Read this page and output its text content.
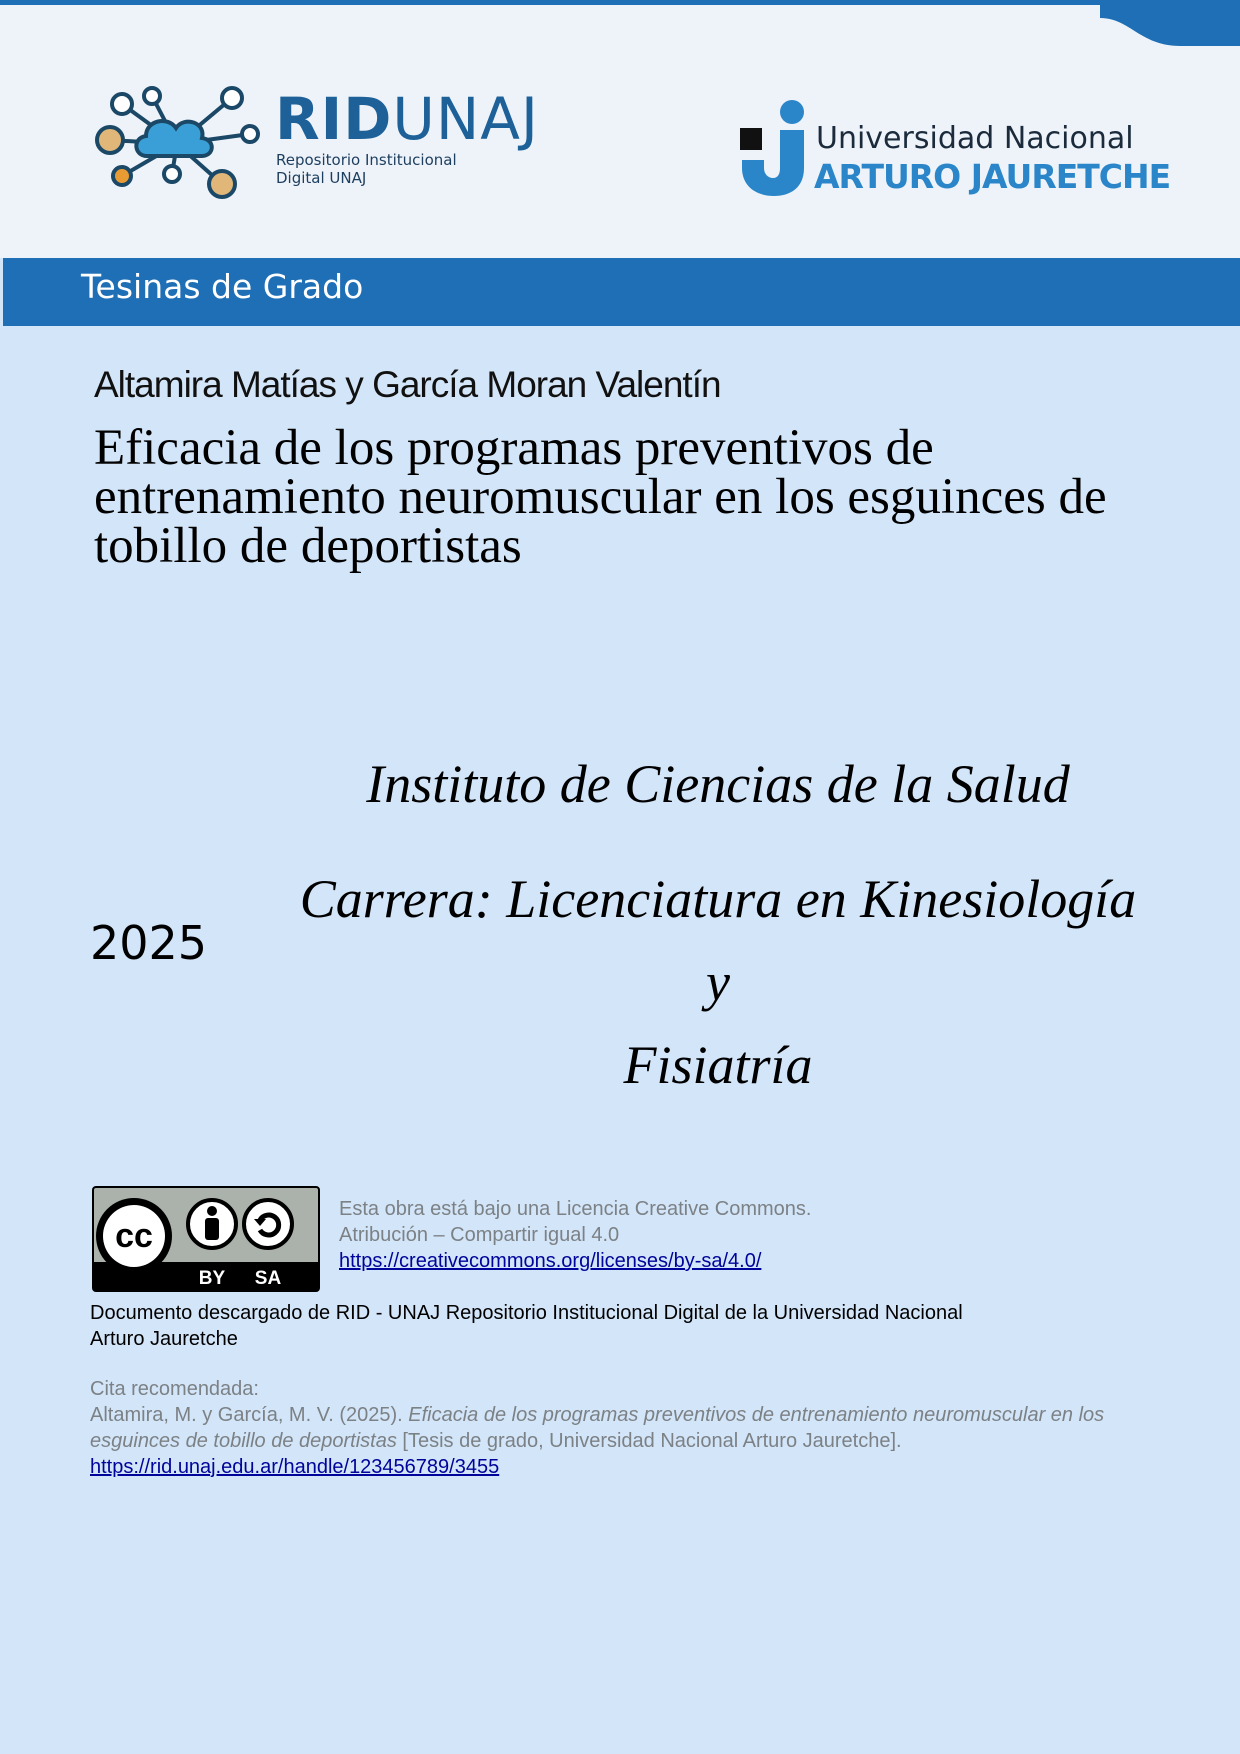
RIDUNAJ
Repositorio Institucional
Digital UNAJ
Universidad Nacional
ARTURO JAURETCHE
Tesinas de Grado
Altamira Matías y García Moran Valentín
Eficacia de los programas preventivos de entrenamiento neuromuscular en los esguinces de tobillo de deportistas
Instituto de Ciencias de la Salud
Carrera: Licenciatura en Kinesiología y
Fisiatría
2025
cc
BY SA
Esta obra está bajo una Licencia Creative Commons.
Atribución – Compartir igual 4.0
https://creativecommons.org/licenses/by-sa/4.0/
Documento descargado de RID - UNAJ Repositorio Institucional Digital de la Universidad Nacional Arturo Jauretche
Cita recomendada:
Altamira, M. y García, M. V. (2025). Eficacia de los programas preventivos de entrenamiento neuromuscular en los esguinces de tobillo de deportistas [Tesis de grado, Universidad Nacional Arturo Jauretche].
https://rid.unaj.edu.ar/handle/123456789/3455
